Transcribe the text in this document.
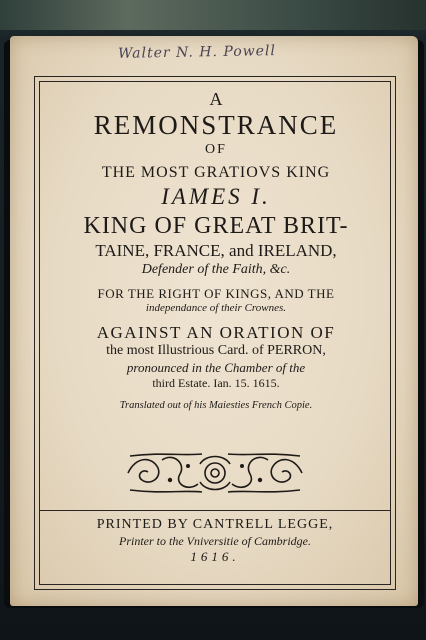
Walter N. H. Powell
A
REMONSTRANCE
OF
THE MOST GRATIOVS KING
IAMES I.
KING OF GREAT BRIT-
TAINE, FRANCE, and IRELAND,
Defender of the Faith, &c.
FOR THE RIGHT OF KINGS, AND THE
independance of their Crownes.
AGAINST AN ORATION OF
the most Illustrious Card. of PERRON,
pronounced in the Chamber of the
third Estate. Ian. 15. 1615.
Translated out of his Maiesties French Copie.
PRINTED BY CANTRELL LEGGE,
Printer to the Vniversitie of Cambridge.
1616.
